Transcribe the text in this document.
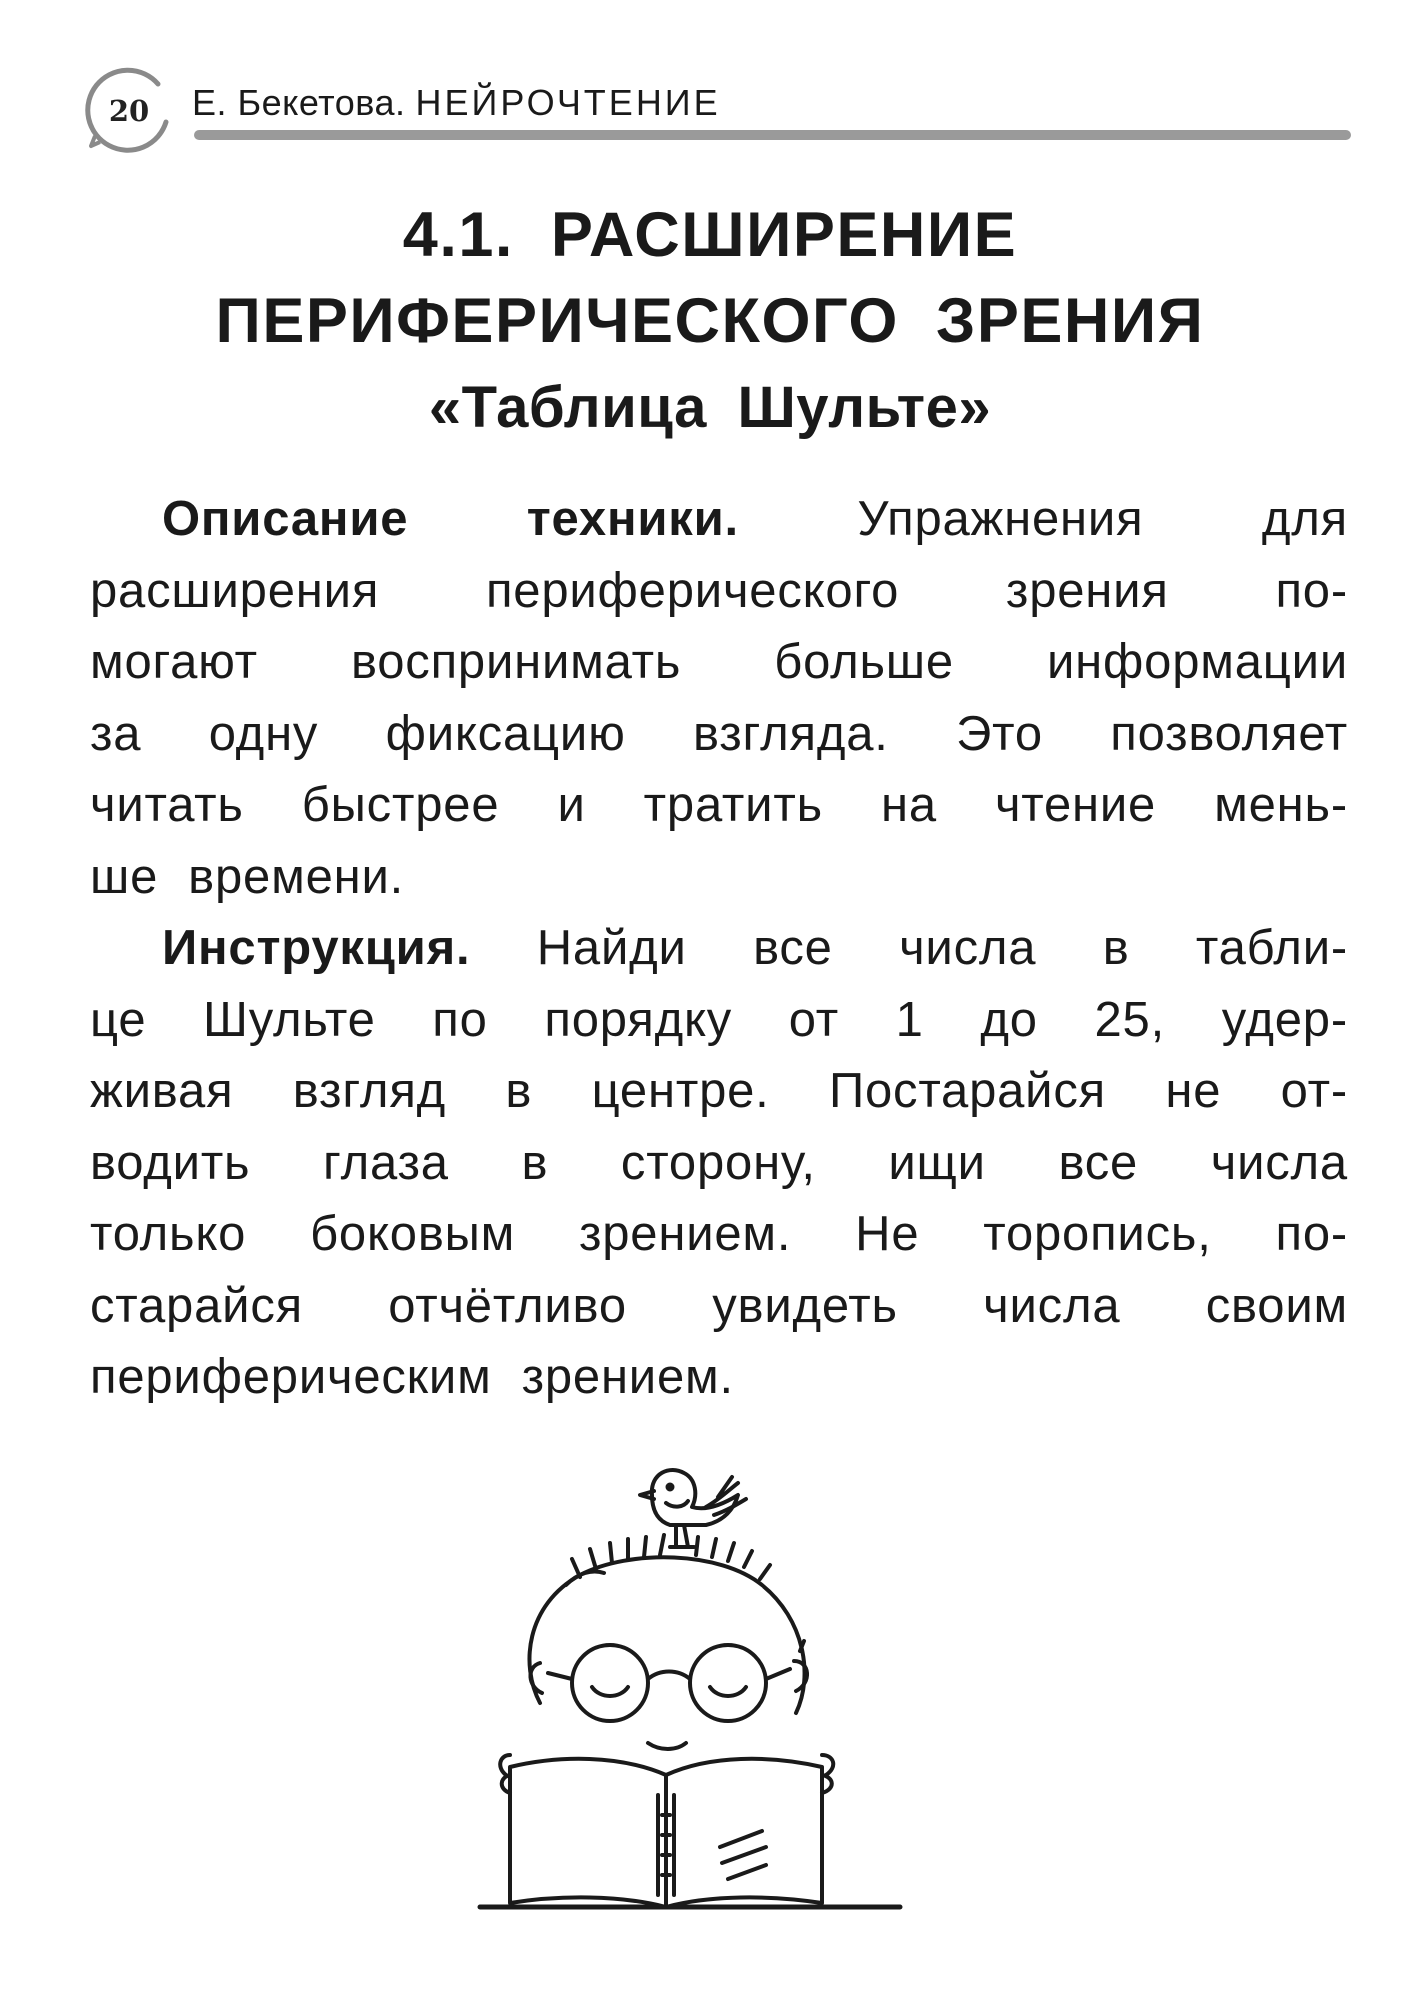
20	Е. Бекетова. НЕЙРОЧТЕНИЕ
4.1. РАСШИРЕНИЕ
ПЕРИФЕРИЧЕСКОГО ЗРЕНИЯ
«Таблица Шульте»
Описание техники. Упражнения для
расширения периферического зрения по-
могают воспринимать больше информации
за одну фиксацию взгляда. Это позволяет
читать быстрее и тратить на чтение мень-
ше времени.
Инструкция. Найди все числа в табли-
це Шульте по порядку от 1 до 25, удер-
живая взгляд в центре. Постарайся не от-
водить глаза в сторону, ищи все числа
только боковым зрением. Не торопись, по-
старайся отчётливо увидеть числа своим
периферическим зрением.
